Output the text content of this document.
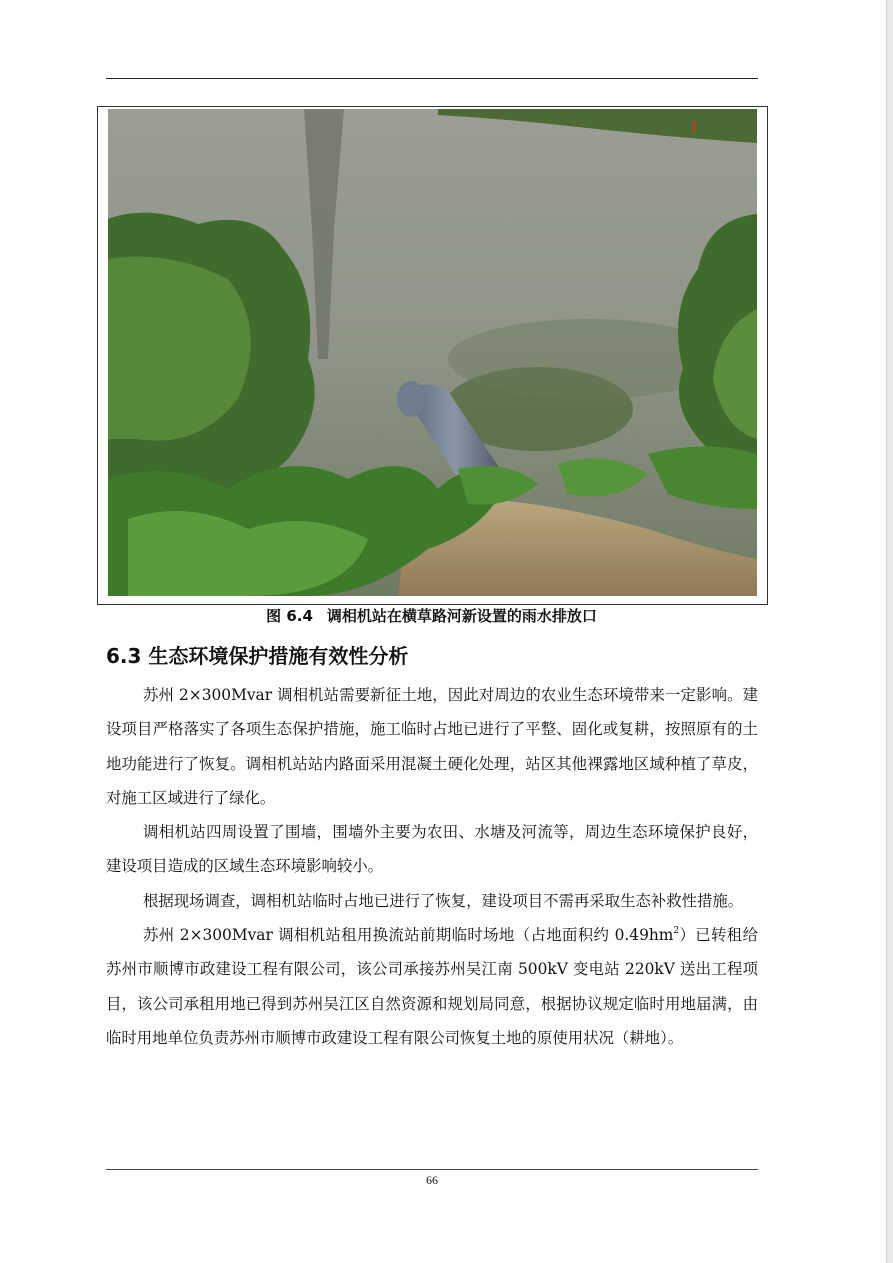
图 6.4 调相机站在横草路河新设置的雨水排放口
6.3 生态环境保护措施有效性分析

苏州 2×300Mvar 调相机站需要新征土地，因此对周边的农业生态环境带来一定影响。建设项目严格落实了各项生态保护措施，施工临时占地已进行了平整、固化或复耕，按照原有的土地功能进行了恢复。调相机站站内路面采用混凝土硬化处理，站区其他裸露地区域种植了草皮，对施工区域进行了绿化。

调相机站四周设置了围墙，围墙外主要为农田、水塘及河流等，周边生态环境保护良好，建设项目造成的区域生态环境影响较小。

根据现场调查，调相机站临时占地已进行了恢复，建设项目不需再采取生态补救性措施。

苏州 2×300Mvar 调相机站租用换流站前期临时场地（占地面积约 $0.49hm^2$）已转租给苏州市顺博市政建设工程有限公司，该公司承接苏州吴江南 500kV 变电站 220kV 送出工程项目，该公司承租用地已得到苏州吴江区自然资源和规划局同意，根据协议规定临时用地届满，由临时用地单位负责苏州市顺博市政建设工程有限公司恢复土地的原使用状况（耕地）。

66
